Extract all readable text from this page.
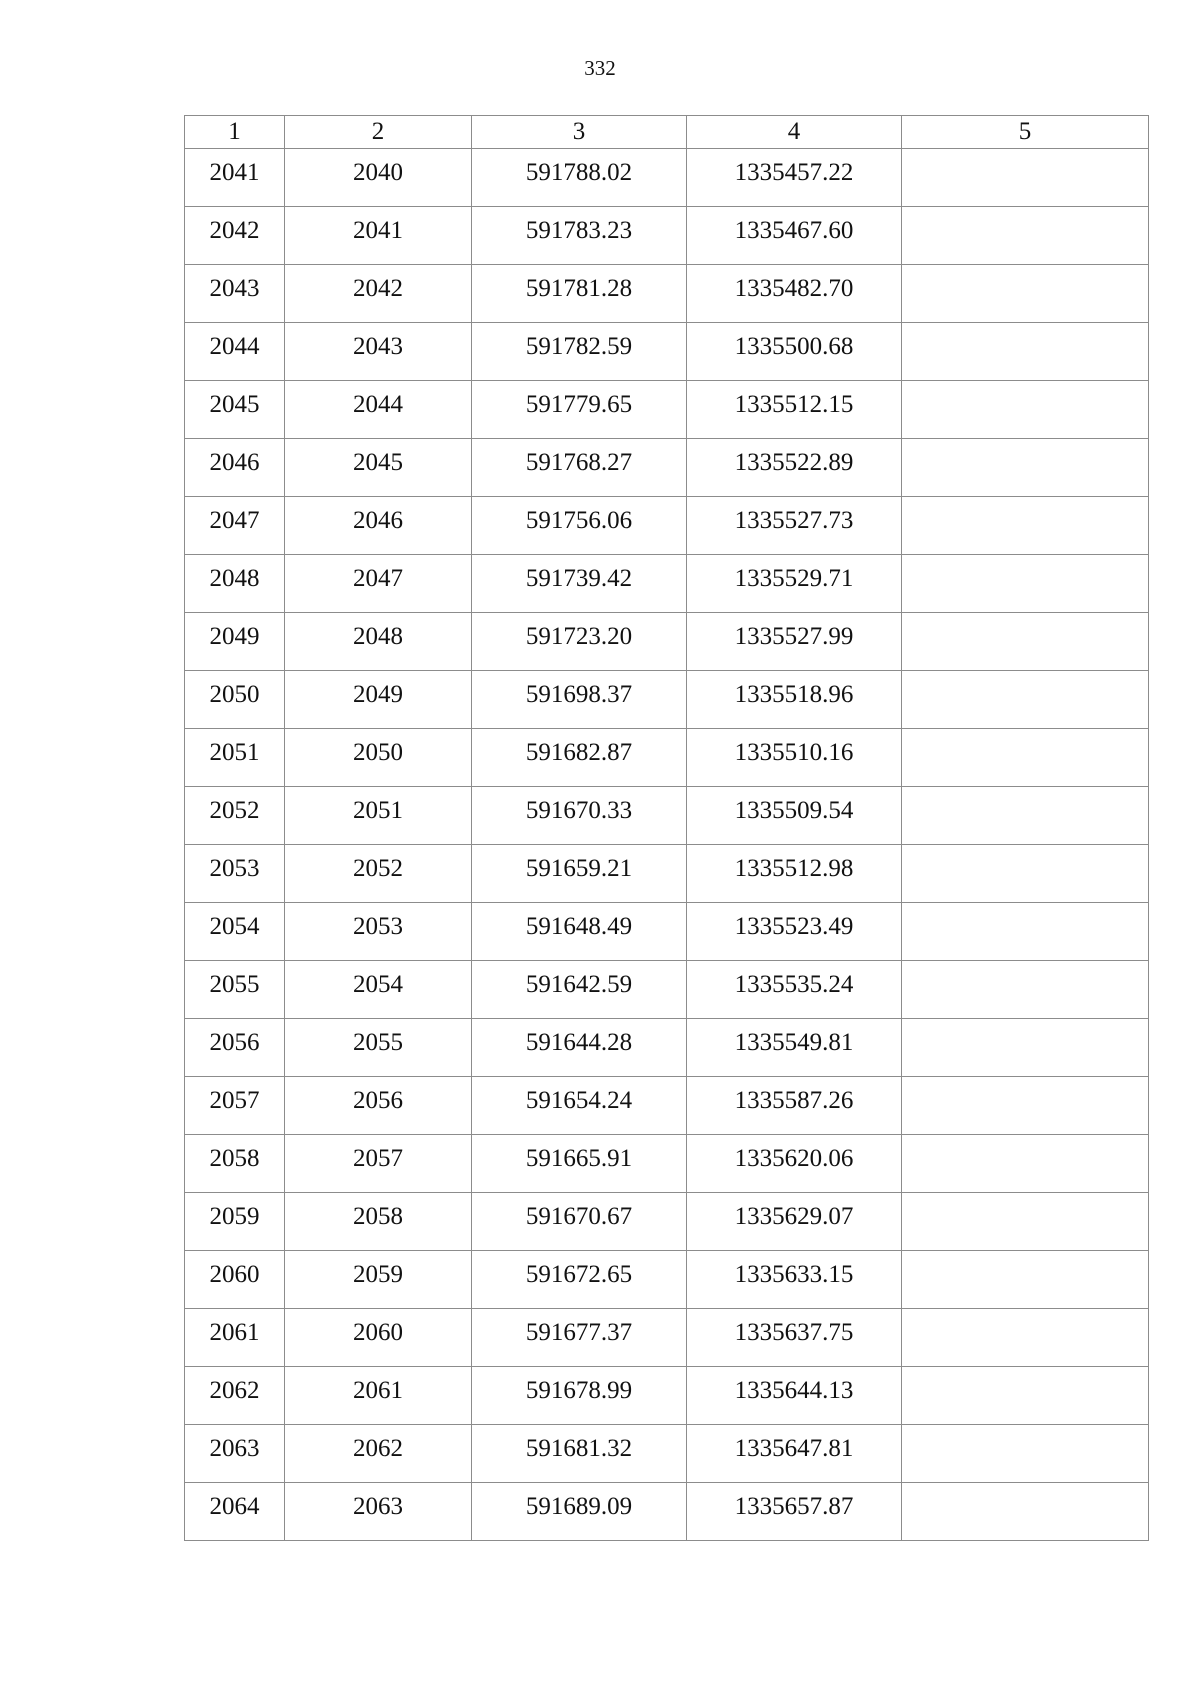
332
1	2	3	4	5

2041	2040	591788.02	1335457.22	

2042	2041	591783.23	1335467.60	

2043	2042	591781.28	1335482.70	

2044	2043	591782.59	1335500.68	

2045	2044	591779.65	1335512.15	

2046	2045	591768.27	1335522.89	

2047	2046	591756.06	1335527.73	

2048	2047	591739.42	1335529.71	

2049	2048	591723.20	1335527.99	

2050	2049	591698.37	1335518.96	

2051	2050	591682.87	1335510.16	

2052	2051	591670.33	1335509.54	

2053	2052	591659.21	1335512.98	

2054	2053	591648.49	1335523.49	

2055	2054	591642.59	1335535.24	

2056	2055	591644.28	1335549.81	

2057	2056	591654.24	1335587.26	

2058	2057	591665.91	1335620.06	

2059	2058	591670.67	1335629.07	

2060	2059	591672.65	1335633.15	

2061	2060	591677.37	1335637.75	

2062	2061	591678.99	1335644.13	

2063	2062	591681.32	1335647.81	

2064	2063	591689.09	1335657.87	
